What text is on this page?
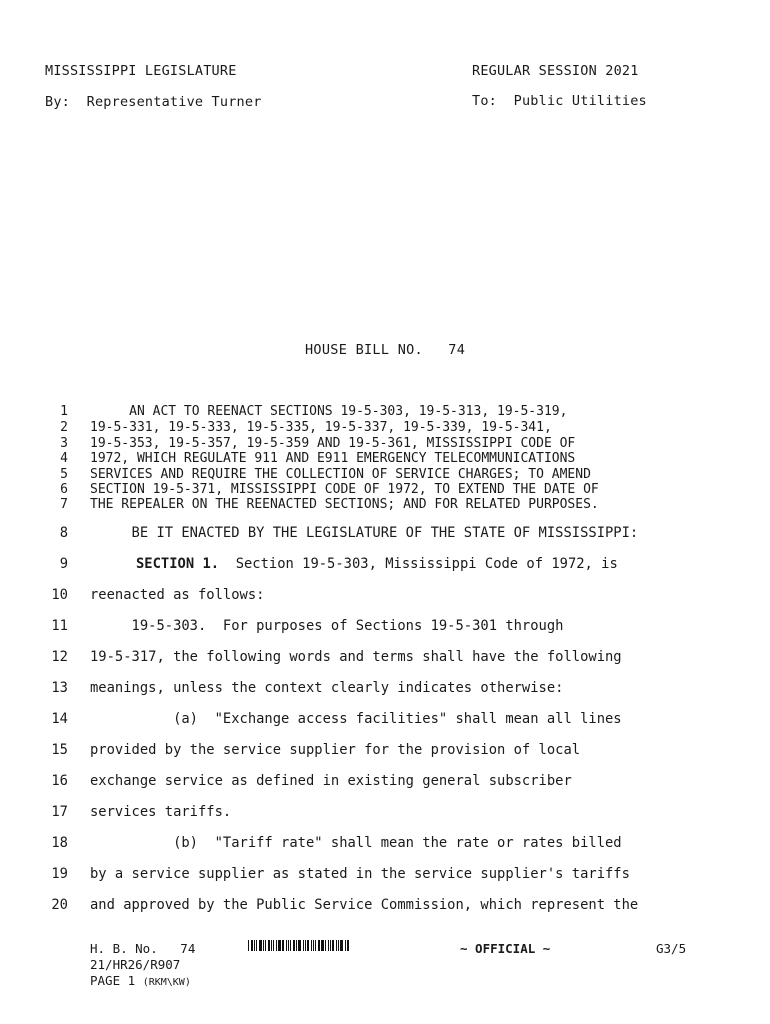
MISSISSIPPI LEGISLATURE	REGULAR SESSION 2021
By:  Representative Turner	To:  Public Utilities
HOUSE BILL NO.   74
1 AN ACT TO REENACT SECTIONS 19-5-303, 19-5-313, 19-5-319,
2 19-5-331, 19-5-333, 19-5-335, 19-5-337, 19-5-339, 19-5-341,
3 19-5-353, 19-5-357, 19-5-359 AND 19-5-361, MISSISSIPPI CODE OF
4 1972, WHICH REGULATE 911 AND E911 EMERGENCY TELECOMMUNICATIONS
5 SERVICES AND REQUIRE THE COLLECTION OF SERVICE CHARGES; TO AMEND
6 SECTION 19-5-371, MISSISSIPPI CODE OF 1972, TO EXTEND THE DATE OF
7 THE REPEALER ON THE REENACTED SECTIONS; AND FOR RELATED PURPOSES.
8 BE IT ENACTED BY THE LEGISLATURE OF THE STATE OF MISSISSIPPI:
9	SECTION 1.  Section 19-5-303, Mississippi Code of 1972, is
10 reenacted as follows:
11 19-5-303.  For purposes of Sections 19-5-301 through
12 19-5-317, the following words and terms shall have the following
13 meanings, unless the context clearly indicates otherwise:
14 (a)  "Exchange access facilities" shall mean all lines
15 provided by the service supplier for the provision of local
16 exchange service as defined in existing general subscriber
17 services tariffs.
18 (b)  "Tariff rate" shall mean the rate or rates billed
19 by a service supplier as stated in the service supplier's tariffs
20 and approved by the Public Service Commission, which represent the
H. B. No.   74	~ OFFICIAL ~	G3/5
21/HR26/R907
PAGE 1 (RKM\KW)
